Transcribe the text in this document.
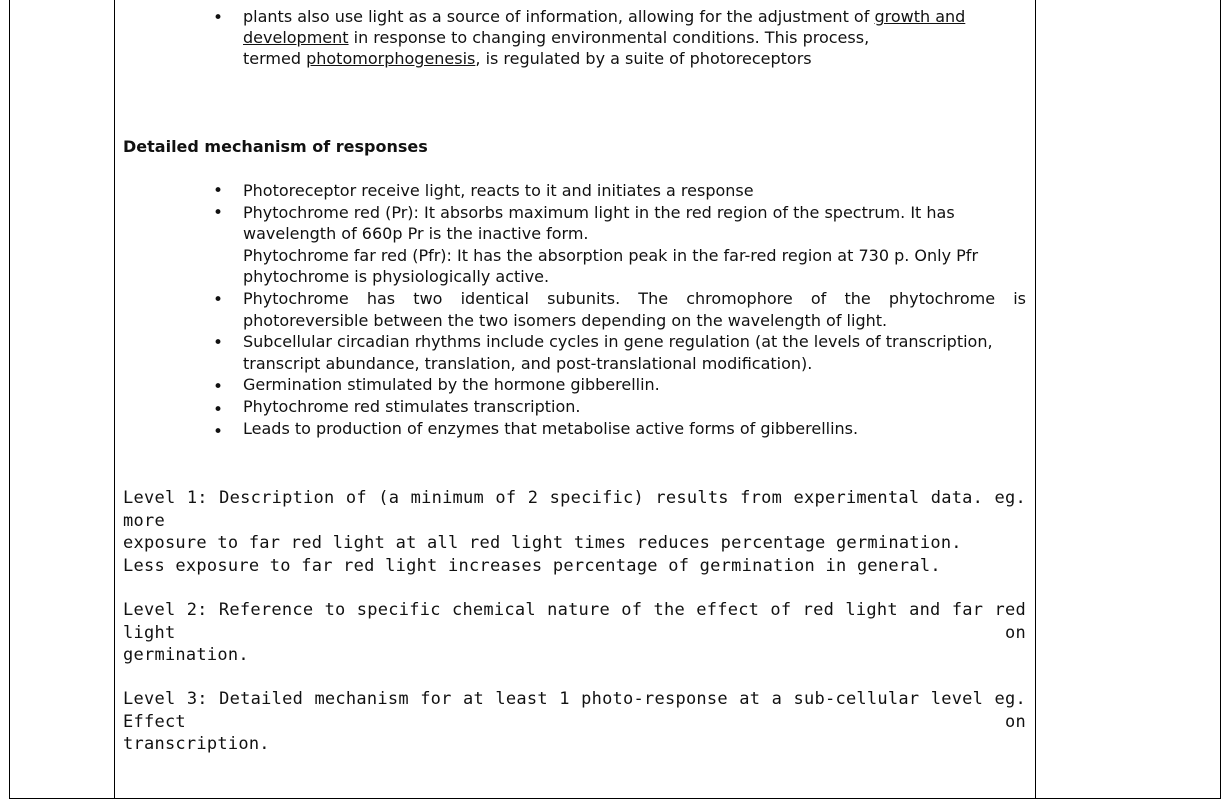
• plants also use light as a source of information, allowing for the adjustment of growth and
development in response to changing environmental conditions. This process,
termed photomorphogenesis, is regulated by a suite of photoreceptors
Detailed mechanism of responses
•
•
•
•
•
•
•
Photoreceptor receive light, reacts to it and initiates a response
Phytochrome red (Pr): It absorbs maximum light in the red region of the spectrum. It has
wavelength of 660p Pr is the inactive form.
Phytochrome far red (Pfr): It has the absorption peak in the far-red region at 730 p. Only Pfr
phytochrome is physiologically active.
Phytochrome has two identical subunits. The chromophore of the phytochrome is
photoreversible between the two isomers depending on the wavelength of light.
Subcellular circadian rhythms include cycles in gene regulation (at the levels of transcription,
transcript abundance, translation, and post-translational modification).
Germination stimulated by the hormone gibberellin.
Phytochrome red stimulates transcription.
Leads to production of enzymes that metabolise active forms of gibberellins.
Level 1: Description of (a minimum of 2 specific) results from experimental data. eg. more
exposure to far red light at all red light times reduces percentage germination.
Less exposure to far red light increases percentage of germination in general.
Level 2: Reference to specific chemical nature of the effect of red light and far red light on
germination.
Level 3: Detailed mechanism for at least 1 photo-response at a sub-cellular level eg. Effect on
transcription.
